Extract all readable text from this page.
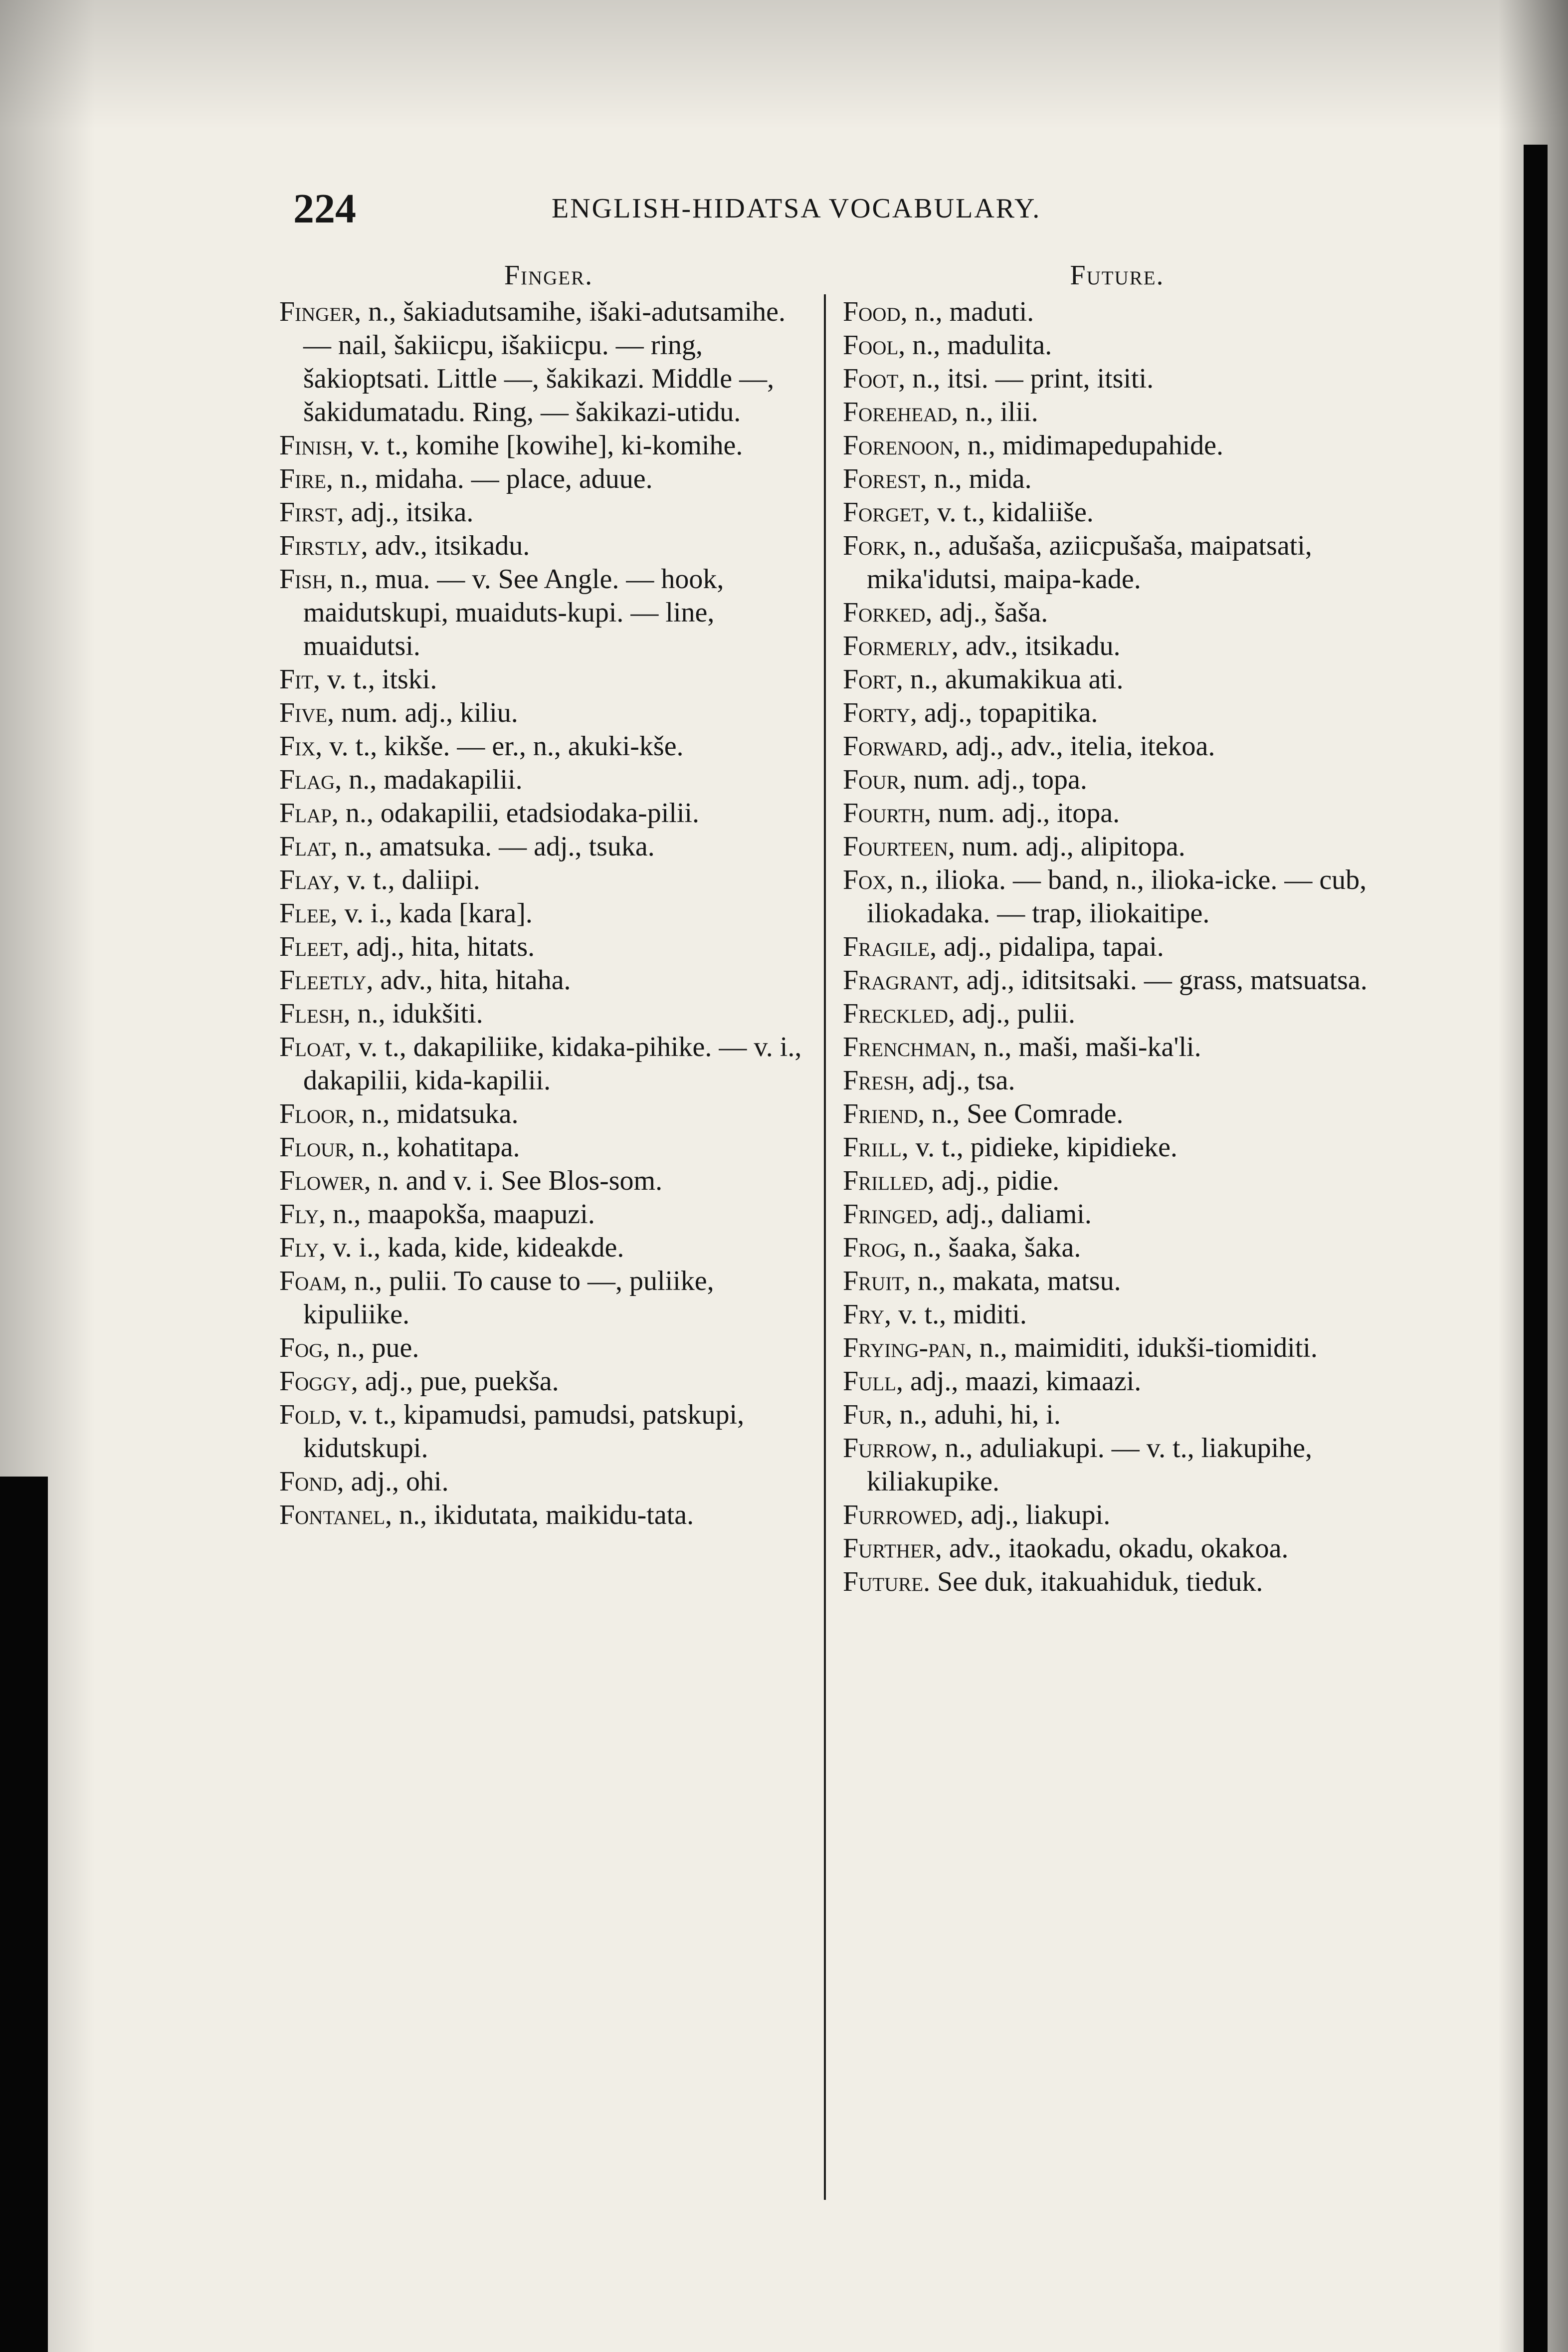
224	ENGLISH-HIDATSA VOCABULARY.
Finger.

Finger, n., šakiadutsamihe, išaki-adutsamihe. — nail, šakiicpu, išakiicpu. — ring, šakioptsati. Little —, šakikazi. Middle —, šakidumatadu. Ring, — šakikazi-utidu.

Finish, v. t., komihe [kowihe], ki-komihe.

Fire, n., midaha. — place, aduue.

First, adj., itsika.

Firstly, adv., itsikadu.

Fish, n., mua. — v. See Angle. — hook, maidutskupi, muaiduts-kupi. — line, muaidutsi.

Fit, v. t., itski.

Five, num. adj., kiliu.

Fix, v. t., kikše. — er., n., akuki-kše.

Flag, n., madakapilii.

Flap, n., odakapilii, etadsiodaka-pilii.

Flat, n., amatsuka. — adj., tsuka.

Flay, v. t., daliipi.

Flee, v. i., kada [kara].

Fleet, adj., hita, hitats.

Fleetly, adv., hita, hitaha.

Flesh, n., idukšiti.

Float, v. t., dakapiliike, kidaka-pihike. — v. i., dakapilii, kida-kapilii.

Floor, n., midatsuka.

Flour, n., kohatitapa.

Flower, n. and v. i. See Blos-som.

Fly, n., maapokša, maapuzi.

Fly, v. i., kada, kide, kideakde.

Foam, n., pulii. To cause to —, puliike, kipuliike.

Fog, n., pue.

Foggy, adj., pue, puekša.

Fold, v. t., kipamudsi, pamudsi, patskupi, kidutskupi.

Fond, adj., ohi.

Fontanel, n., ikidutata, maikidu-tata.

Future.

Food, n., maduti.

Fool, n., madulita.

Foot, n., itsi. — print, itsiti.

Forehead, n., ilii.

Forenoon, n., midimapedupahide.

Forest, n., mida.

Forget, v. t., kidaliiše.

Fork, n., adušaša, aziicpušaša, maipatsati, mika'idutsi, maipa-kade.

Forked, adj., šaša.

Formerly, adv., itsikadu.

Fort, n., akumakikua ati.

Forty, adj., topapitika.

Forward, adj., adv., itelia, itekoa.

Four, num. adj., topa.

Fourth, num. adj., itopa.

Fourteen, num. adj., alipitopa.

Fox, n., ilioka. — band, n., ilioka-icke. — cub, iliokadaka. — trap, iliokaitipe.

Fragile, adj., pidalipa, tapai.

Fragrant, adj., iditsitsaki. — grass, matsuatsa.

Freckled, adj., pulii.

Frenchman, n., maši, maši-ka'li.

Fresh, adj., tsa.

Friend, n., See Comrade.

Frill, v. t., pidieke, kipidieke.

Frilled, adj., pidie.

Fringed, adj., daliami.

Frog, n., šaaka, šaka.

Fruit, n., makata, matsu.

Fry, v. t., miditi.

Frying-pan, n., maimiditi, idukši-tiomiditi.

Full, adj., maazi, kimaazi.

Fur, n., aduhi, hi, i.

Furrow, n., aduliakupi. — v. t., liakupihe, kiliakupike.

Furrowed, adj., liakupi.

Further, adv., itaokadu, okadu, okakoa.

Future. See duk, itakuahiduk, tieduk.
